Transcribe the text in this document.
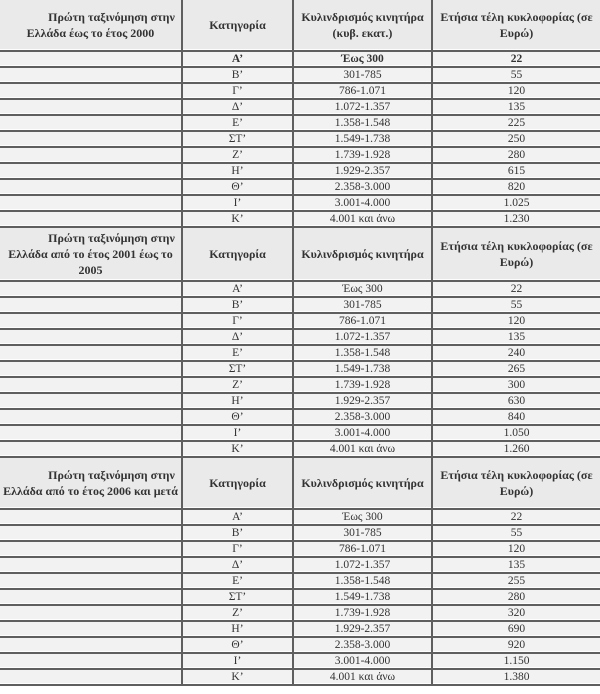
Πρώτη ταξινόμηση στην Ελλάδα έως το έτος 2000	Κατηγορία	Κυλινδρισμός κινητήρα (κυβ. εκατ.)	Ετήσια τέλη κυκλοφορίας (σε Ευρώ)
	Α’	Έως 300	22
	Β’	301-785	55
	Γ’	786-1.071	120
	Δ’	1.072-1.357	135
	Ε’	1.358-1.548	225
	ΣΤ’	1.549-1.738	250
	Ζ’	1.739-1.928	280
	Η’	1.929-2.357	615
	Θ’	2.358-3.000	820
	Ι’	3.001-4.000	1.025
	Κ’	4.001 και άνω	1.230
Πρώτη ταξινόμηση στην Ελλάδα από το έτος 2001 έως το 2005	Κατηγορία	Κυλινδρισμός κινητήρα	Ετήσια τέλη κυκλοφορίας (σε Ευρώ)
	Α’	Έως 300	22
	Β’	301-785	55
	Γ’	786-1.071	120
	Δ’	1.072-1.357	135
	Ε’	1.358-1.548	240
	ΣΤ’	1.549-1.738	265
	Ζ’	1.739-1.928	300
	Η’	1.929-2.357	630
	Θ’	2.358-3.000	840
	Ι’	3.001-4.000	1.050
	Κ’	4.001 και άνω	1.260
Πρώτη ταξινόμηση στην Ελλάδα από το έτος 2006 και μετά	Κατηγορία	Κυλινδρισμός κινητήρα	Ετήσια τέλη κυκλοφορίας (σε Ευρώ)
	Α’	Έως 300	22
	Β’	301-785	55
	Γ’	786-1.071	120
	Δ’	1.072-1.357	135
	Ε’	1.358-1.548	255
	ΣΤ’	1.549-1.738	280
	Ζ’	1.739-1.928	320
	Η’	1.929-2.357	690
	Θ’	2.358-3.000	920
	Ι’	3.001-4.000	1.150
	Κ’	4.001 και άνω	1.380
